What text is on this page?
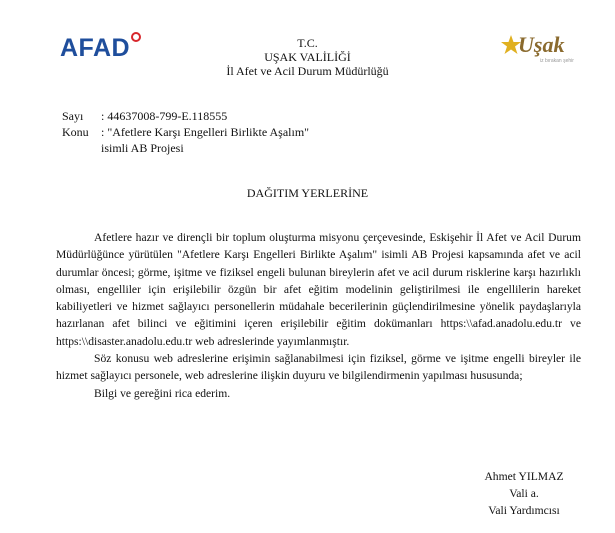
AFAD	Uşak
iz bırakan şehir
T.C.
UŞAK VALİLİĞİ
İl Afet ve Acil Durum Müdürlüğü
Sayı	: 44637008-799-E.118555
Konu	: "Afetlere Karşı Engelleri Birlikte Aşalım"
isimli AB Projesi
DAĞITIM YERLERİNE

Afetlere hazır ve dirençli bir toplum oluşturma misyonu çerçevesinde, Eskişehir İl Afet ve Acil Durum Müdürlüğünce yürütülen "Afetlere Karşı Engelleri Birlikte Aşalım" isimli AB Projesi kapsamında afet ve acil durumlar öncesi; görme, işitme ve fiziksel engeli bulunan bireylerin afet ve acil durum risklerine karşı hazırlıklı olması, engelliler için erişilebilir özgün bir afet eğitim modelinin geliştirilmesi ile engellilerin hareket kabiliyetleri ve hizmet sağlayıcı personellerin müdahale becerilerinin güçlendirilmesine yönelik paydaşlarıyla hazırlanan afet bilinci ve eğitimini içeren erişilebilir eğitim dokümanları https:\\afad.anadolu.edu.tr ve https:\\disaster.anadolu.edu.tr web adreslerinde yayımlanmıştır.

Söz konusu web adreslerine erişimin sağlanabilmesi için fiziksel, görme ve işitme engelli bireyler ile hizmet sağlayıcı personele, web adreslerine ilişkin duyuru ve bilgilendirmenin yapılması hususunda;

Bilgi ve gereğini rica ederim.

Ahmet YILMAZ
Vali a.
Vali Yardımcısı
